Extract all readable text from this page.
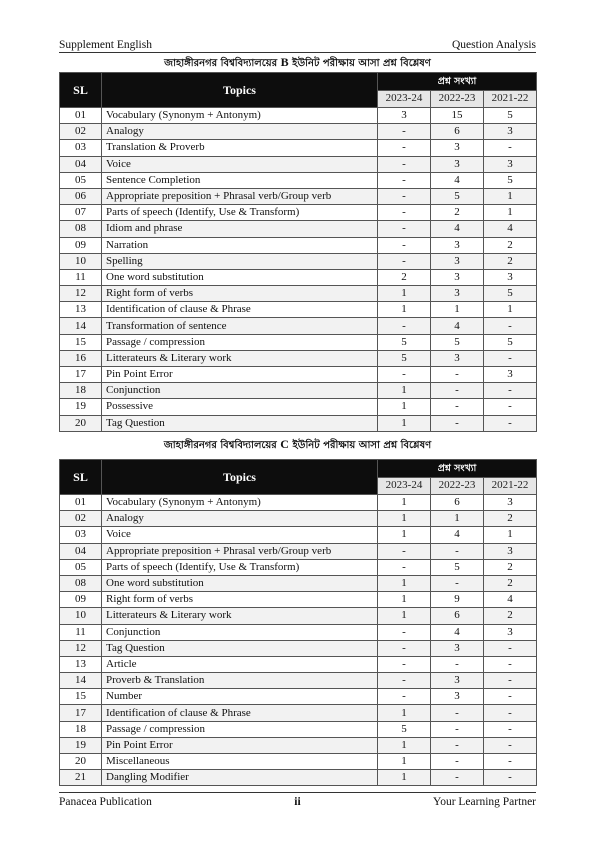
Supplement English	Question Analysis
জাহাঙ্গীরনগর বিশ্ববিদ্যালয়ের B ইউনিট পরীক্ষায় আসা প্রশ্ন বিশ্লেষণ
SL	Topics	প্রশ্ন সংখ্যা		
		2023-24	2022-23	2021-22
01	Vocabulary (Synonym + Antonym)	3	15	5
02	Analogy	-	6	3
03	Translation & Proverb	-	3	-
04	Voice	-	3	3
05	Sentence Completion	-	4	5
06	Appropriate preposition + Phrasal verb/Group verb	-	5	1
07	Parts of speech (Identify, Use & Transform)	-	2	1
08	Idiom and phrase	-	4	4
09	Narration	-	3	2
10	Spelling	-	3	2
11	One word substitution	2	3	3
12	Right form of verbs	1	3	5
13	Identification of clause & Phrase	1	1	1
14	Transformation of sentence	-	4	-
15	Passage / compression	5	5	5
16	Litterateurs & Literary work	5	3	-
17	Pin Point Error	-	-	3
18	Conjunction	1	-	-
19	Possessive	1	-	-
20	Tag Question	1	-	-
জাহাঙ্গীরনগর বিশ্ববিদ্যালয়ের C ইউনিট পরীক্ষায় আসা প্রশ্ন বিশ্লেষণ
SL	Topics	প্রশ্ন সংখ্যা		
		2023-24	2022-23	2021-22
01	Vocabulary (Synonym + Antonym)	1	6	3
02	Analogy	1	1	2
03	Voice	1	4	1
04	Appropriate preposition + Phrasal verb/Group verb	-	-	3
05	Parts of speech (Identify, Use & Transform)	-	5	2
08	One word substitution	1	-	2
09	Right form of verbs	1	9	4
10	Litterateurs & Literary work	1	6	2
11	Conjunction	-	4	3
12	Tag Question	-	3	-
13	Article	-	-	-
14	Proverb & Translation	-	3	-
15	Number	-	3	-
17	Identification of clause & Phrase	1	-	-
18	Passage / compression	5	-	-
19	Pin Point Error	1	-	-
20	Miscellaneous	1	-	-
21	Dangling Modifier	1	-	-
Panacea Publication	ii	Your Learning Partner
